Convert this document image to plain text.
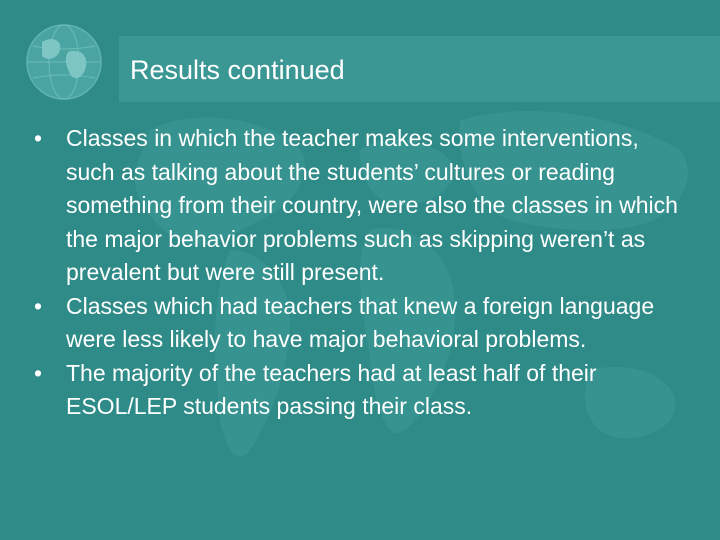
Results continued
• Classes in which the teacher makes some interventions, such as talking about the students’ cultures or reading something from their country, were also the classes in which the major behavior problems such as skipping weren’t as prevalent but were still present.
• Classes which had teachers that knew a foreign language were less likely to have major behavioral problems.
• The majority of the teachers had at least half of their ESOL/LEP students passing their class.
